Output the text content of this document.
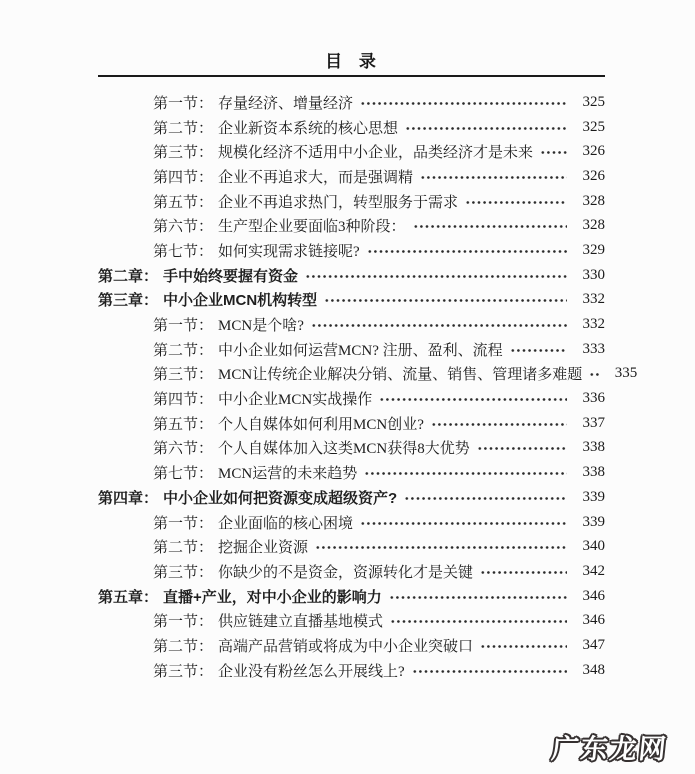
目 录
第一节： 存量经济、增量经济	325
第二节： 企业新资本系统的核心思想	325
第三节： 规模化经济不适用中小企业，品类经济才是未来	326
第四节： 企业不再追求大，而是强调精	326
第五节： 企业不再追求热门，转型服务于需求	328
第六节： 生产型企业要面临3种阶段：	328
第七节： 如何实现需求链接呢?	329
第二章： 手中始终要握有资金	330
第三章： 中小企业MCN机构转型	332
第一节： MCN是个啥?	332
第二节： 中小企业如何运营MCN? 注册、盈利、流程	333
第三节： MCN让传统企业解决分销、流量、销售、管理诸多难题	335
第四节： 中小企业MCN实战操作	336
第五节： 个人自媒体如何利用MCN创业?	337
第六节： 个人自媒体加入这类MCN获得8大优势	338
第七节： MCN运营的未来趋势	338
第四章： 中小企业如何把资源变成超级资产?	339
第一节： 企业面临的核心困境	339
第二节： 挖掘企业资源	340
第三节： 你缺少的不是资金，资源转化才是关键	342
第五章： 直播+产业，对中小企业的影响力	346
第一节： 供应链建立直播基地模式	346
第二节： 高端产品营销或将成为中小企业突破口	347
第三节： 企业没有粉丝怎么开展线上?	348
广东龙网
